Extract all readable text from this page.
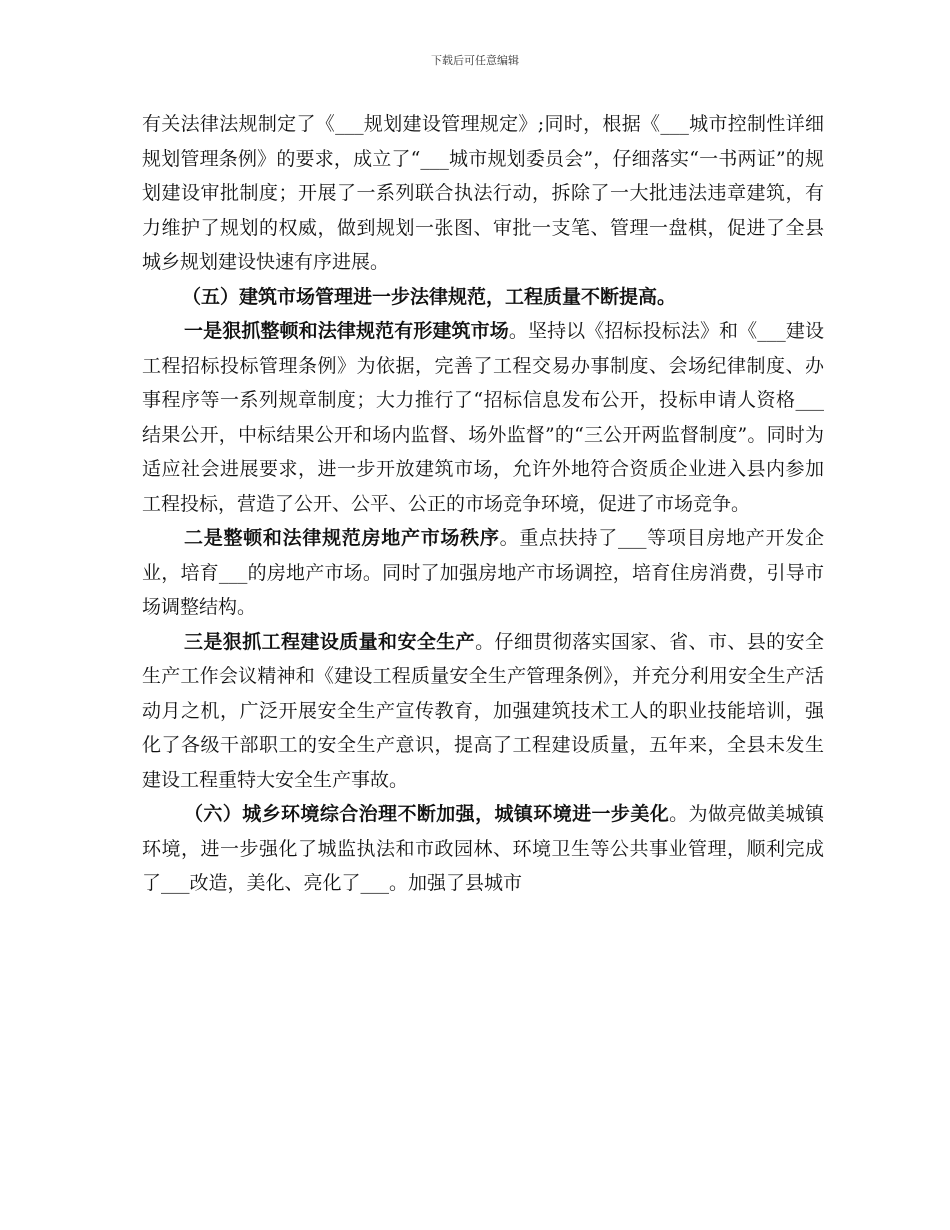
下载后可任意编辑

有关法律法规制定了《___规划建设管理规定》;同时，根据《___城市控制性详细规划管理条例》的要求，成立了“___城市规划委员会”，仔细落实“一书两证”的规划建设审批制度；开展了一系列联合执法行动，拆除了一大批违法违章建筑，有力维护了规划的权威，做到规划一张图、审批一支笔、管理一盘棋，促进了全县城乡规划建设快速有序进展。

（五）建筑市场管理进一步法律规范，工程质量不断提高。

一是狠抓整顿和法律规范有形建筑市场。坚持以《招标投标法》和《___建设工程招标投标管理条例》为依据，完善了工程交易办事制度、会场纪律制度、办事程序等一系列规章制度；大力推行了“招标信息发布公开，投标申请人资格___结果公开，中标结果公开和场内监督、场外监督”的“三公开两监督制度”。同时为适应社会进展要求，进一步开放建筑市场，允许外地符合资质企业进入县内参加工程投标，营造了公开、公平、公正的市场竞争环境，促进了市场竞争。

二是整顿和法律规范房地产市场秩序。重点扶持了___等项目房地产开发企业，培育___的房地产市场。同时了加强房地产市场调控，培育住房消费，引导市场调整结构。

三是狠抓工程建设质量和安全生产。仔细贯彻落实国家、省、市、县的安全生产工作会议精神和《建设工程质量安全生产管理条例》，并充分利用安全生产活动月之机，广泛开展安全生产宣传教育，加强建筑技术工人的职业技能培训，强化了各级干部职工的安全生产意识，提高了工程建设质量，五年来，全县未发生建设工程重特大安全生产事故。

（六）城乡环境综合治理不断加强，城镇环境进一步美化。为做亮做美城镇环境，进一步强化了城监执法和市政园林、环境卫生等公共事业管理，顺利完成了___改造，美化、亮化了___。加强了县城市
